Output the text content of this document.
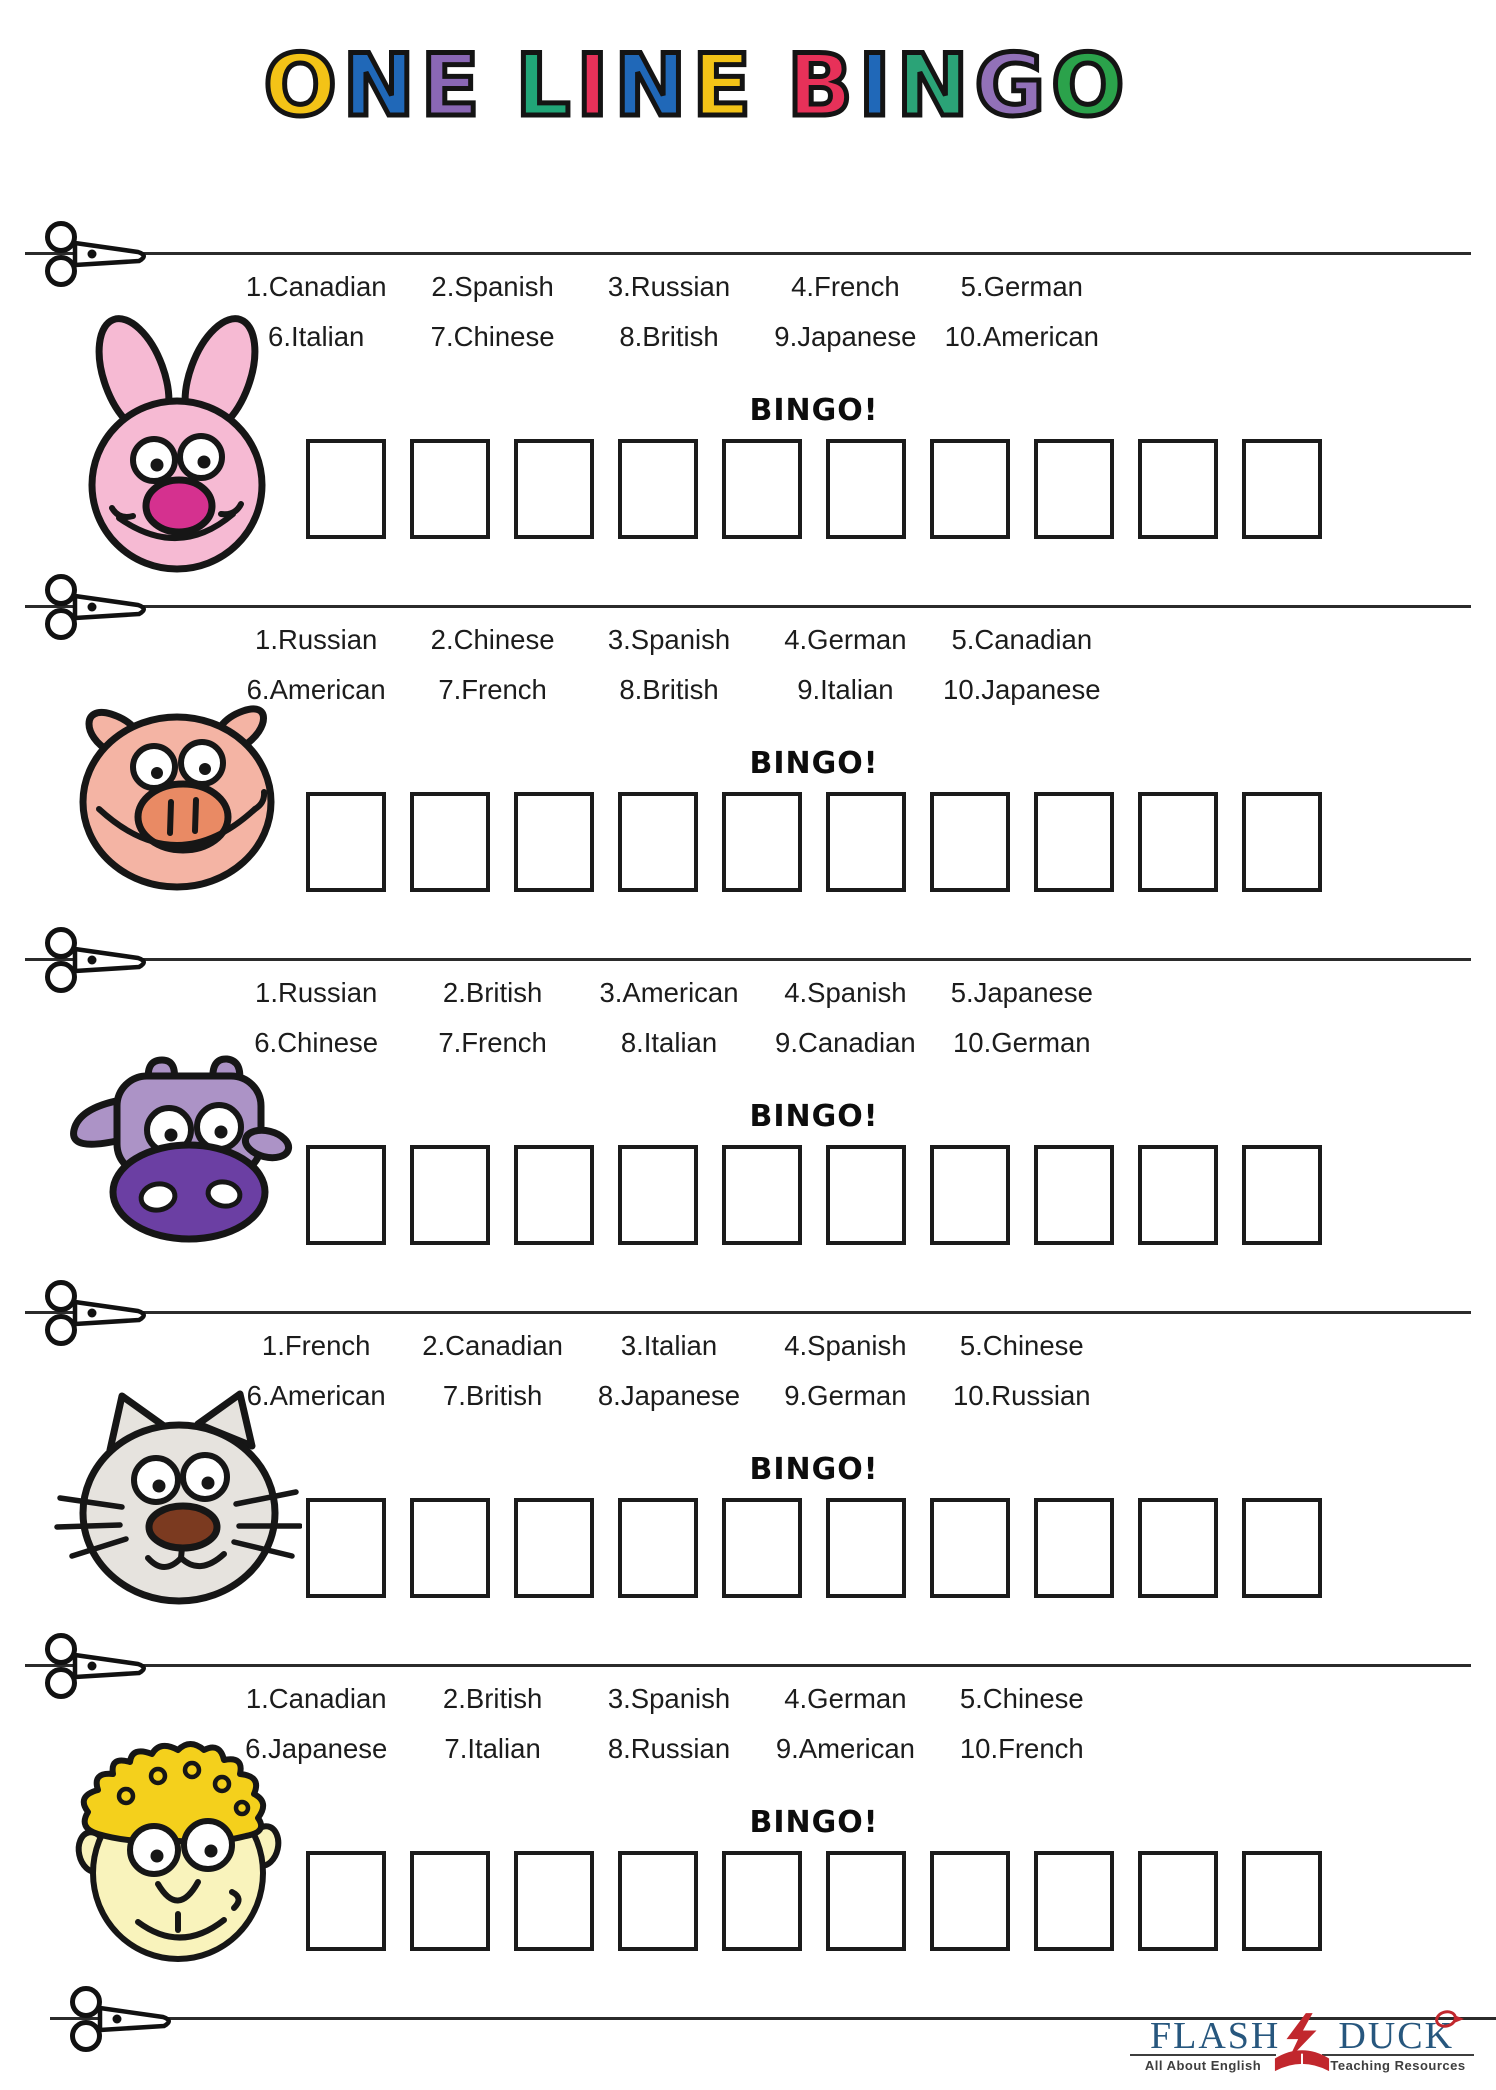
ONE LINE BINGO
1.Canadian	2.Spanish	3.Russian	4.French	5.German
6.Italian	7.Chinese	8.British	9.Japanese	10.American
BINGO!
1.Russian	2.Chinese	3.Spanish	4.German	5.Canadian
6.American	7.French	8.British	9.Italian	10.Japanese
BINGO!
1.Russian	2.British	3.American	4.Spanish	5.Japanese
6.Chinese	7.French	8.Italian	9.Canadian	10.German
BINGO!
1.French	2.Canadian	3.Italian	4.Spanish	5.Chinese
6.American	7.British	8.Japanese	9.German	10.Russian
BINGO!
1.Canadian	2.British	3.Spanish	4.German	5.Chinese
6.Japanese	7.Italian	8.Russian	9.American	10.French
BINGO!
FLASH DUCK
All About English	Teaching Resources
